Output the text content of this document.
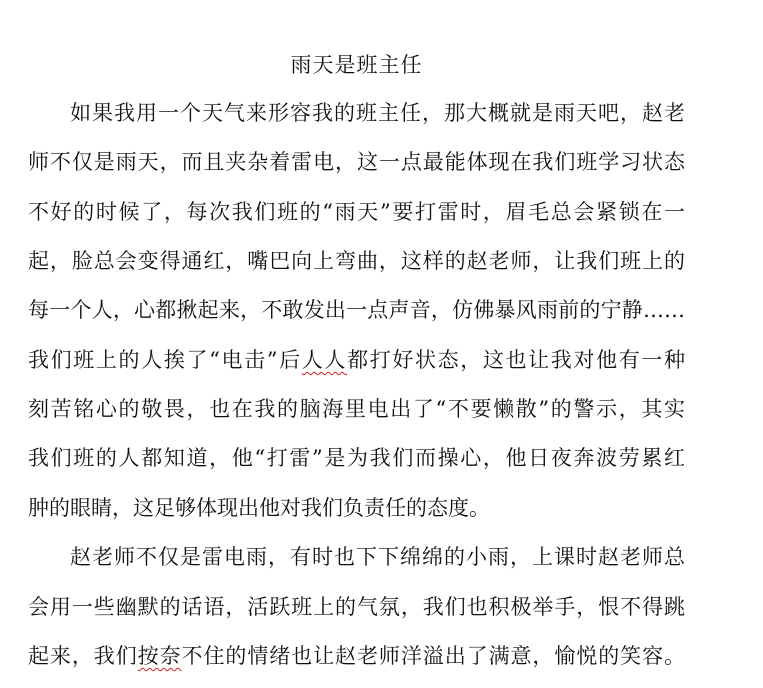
雨天是班主任
如果我用一个天气来形容我的班主任，那大概就是雨天吧，赵老
师不仅是雨天，而且夹杂着雷电，这一点最能体现在我们班学习状态
不好的时候了，每次我们班的“雨天”要打雷时，眉毛总会紧锁在一
起，脸总会变得通红，嘴巴向上弯曲，这样的赵老师，让我们班上的
每一个人，心都揪起来，不敢发出一点声音，仿佛暴风雨前的宁静……
我们班上的人挨了“电击”后人人都打好状态，这也让我对他有一种
刻苦铭心的敬畏，也在我的脑海里电出了“不要懒散”的警示，其实
我们班的人都知道，他“打雷”是为我们而操心，他日夜奔波劳累红
肿的眼睛，这足够体现出他对我们负责任的态度。
赵老师不仅是雷电雨，有时也下下绵绵的小雨，上课时赵老师总
会用一些幽默的话语，活跃班上的气氛，我们也积极举手，恨不得跳
起来，我们按奈不住的情绪也让赵老师洋溢出了满意，愉悦的笑容。
